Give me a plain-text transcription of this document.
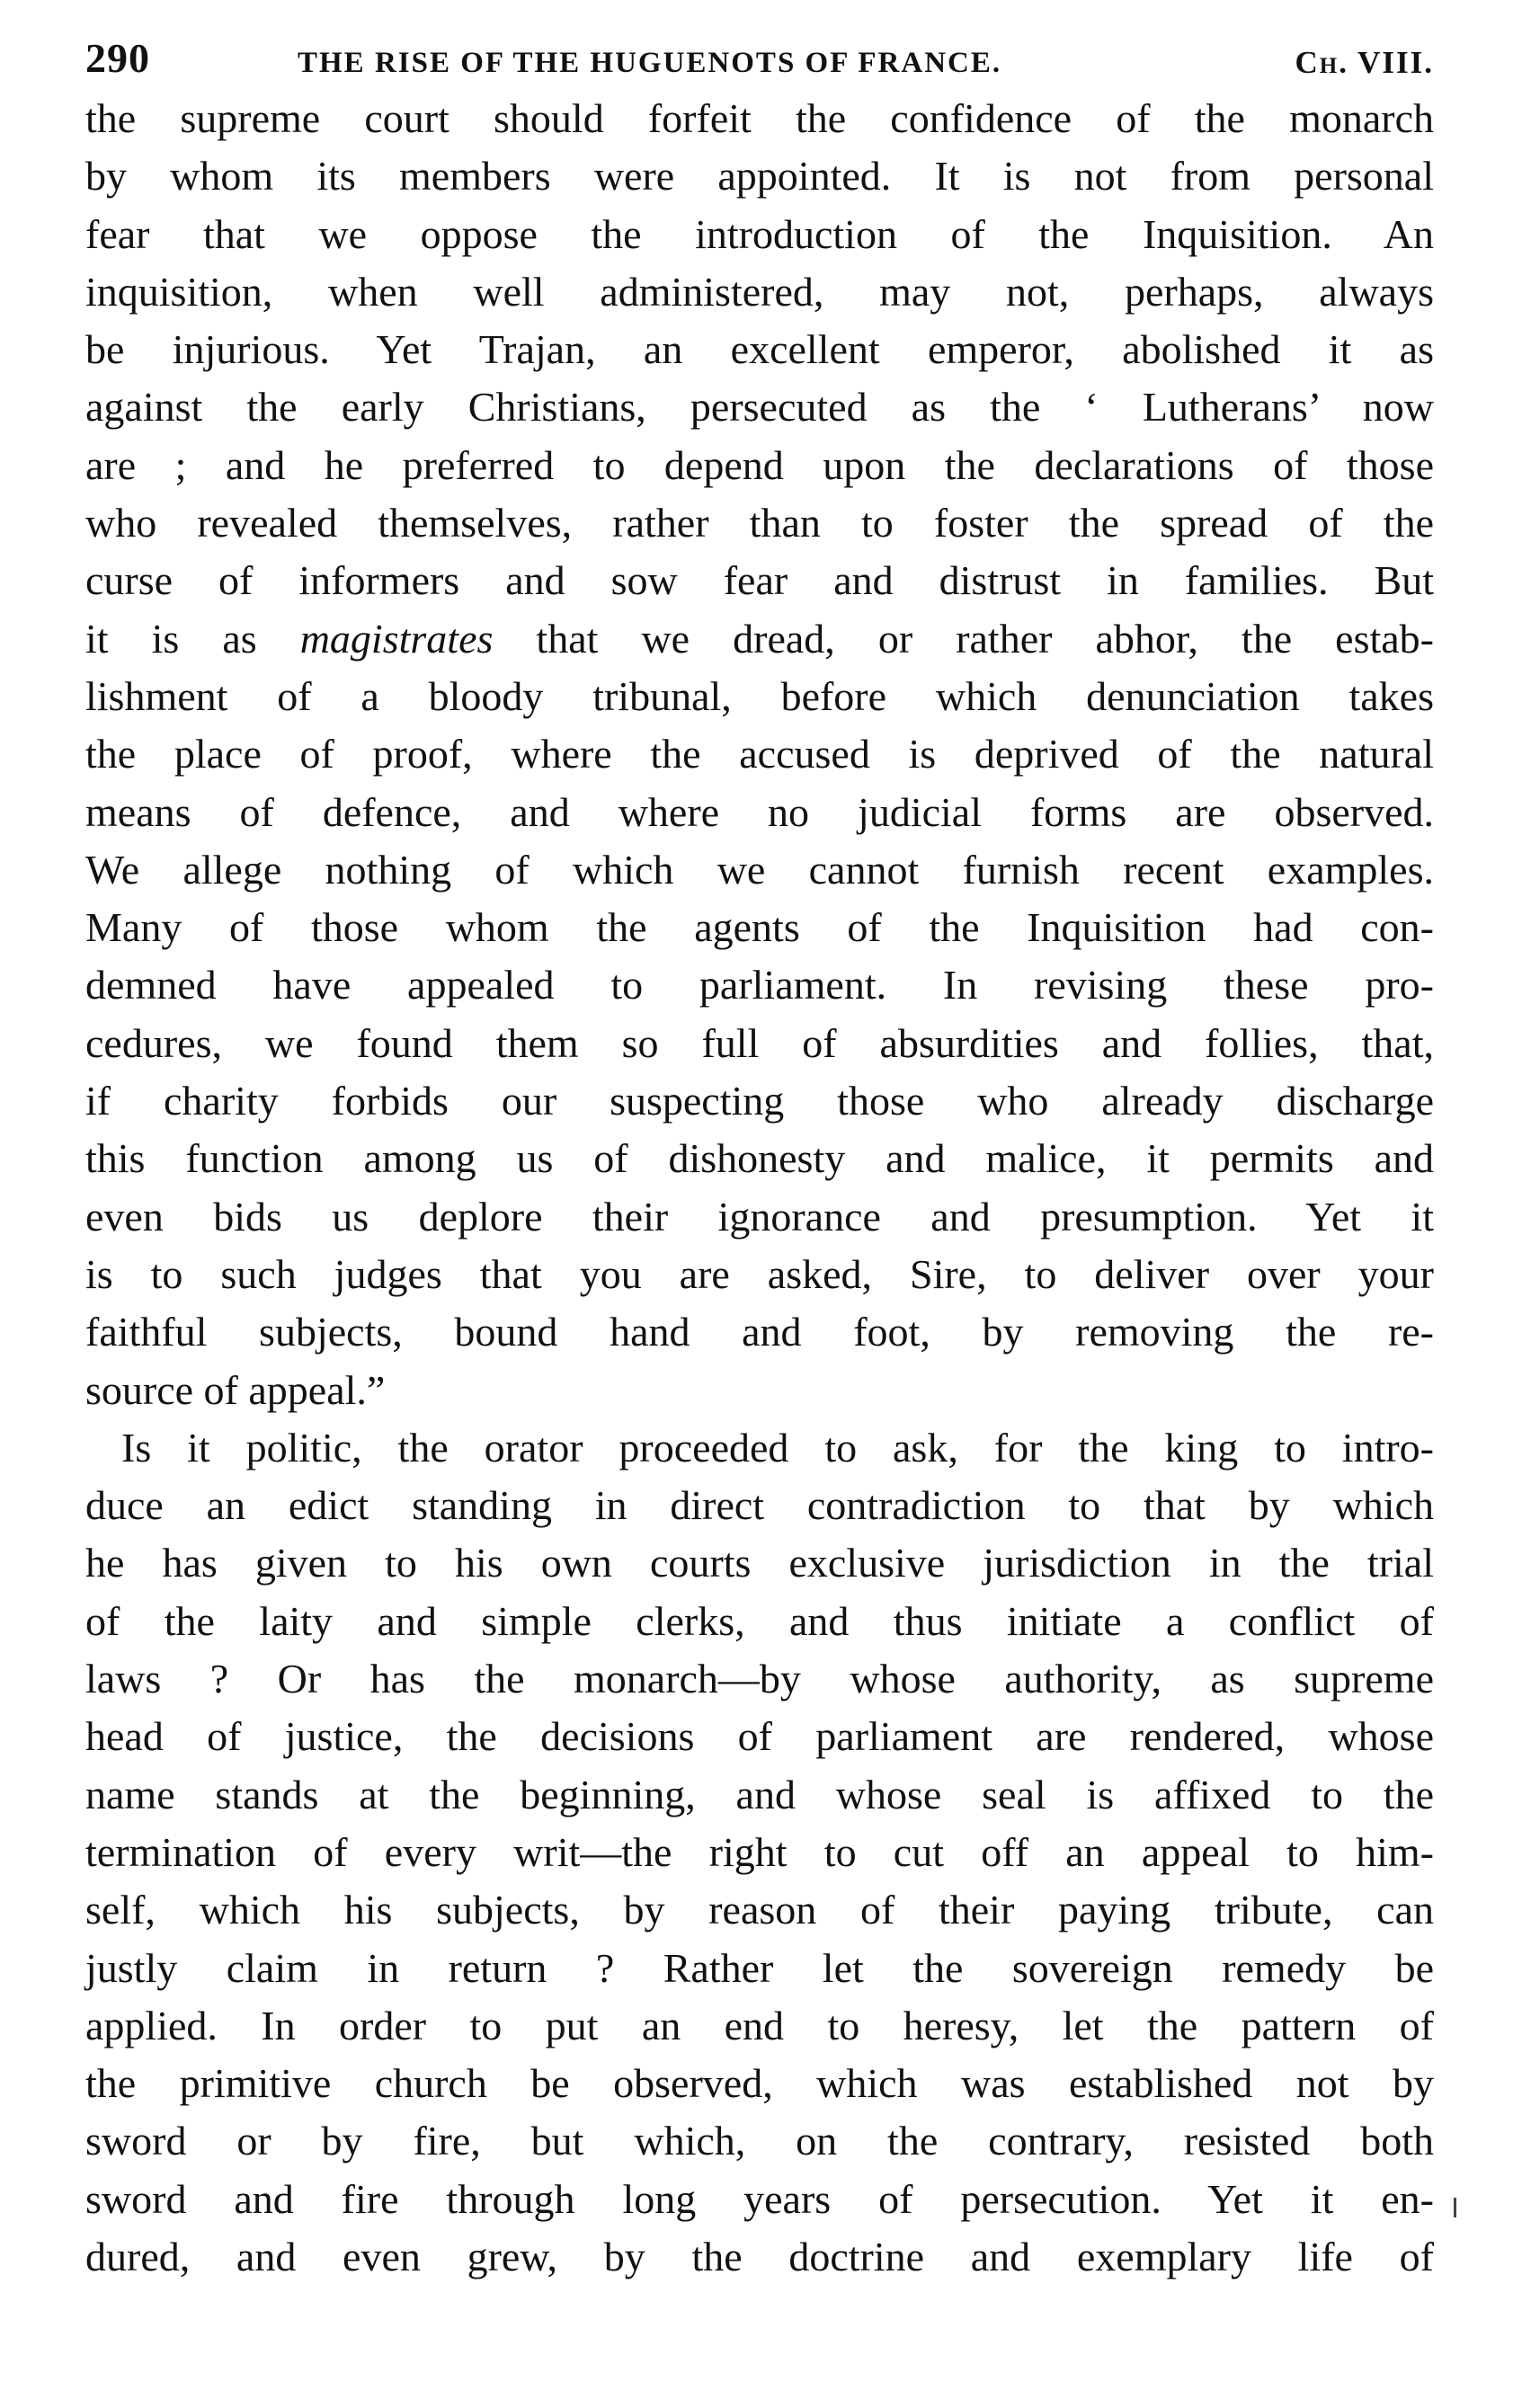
290	THE RISE OF THE HUGUENOTS OF FRANCE.	Ch. VIII.
the supreme court should forfeit the confidence of the monarch
by whom its members were appointed. It is not from personal
fear that we oppose the introduction of the Inquisition. An
inquisition, when well administered, may not, perhaps, always
be injurious. Yet Trajan, an excellent emperor, abolished it as
against the early Christians, persecuted as the ‘ Lutherans’ now
are ; and he preferred to depend upon the declarations of those
who revealed themselves, rather than to foster the spread of the
curse of informers and sow fear and distrust in families. But
it is as magistrates that we dread, or rather abhor, the estab-
lishment of a bloody tribunal, before which denunciation takes
the place of proof, where the accused is deprived of the natural
means of defence, and where no judicial forms are observed.
We allege nothing of which we cannot furnish recent examples.
Many of those whom the agents of the Inquisition had con-
demned have appealed to parliament. In revising these pro-
cedures, we found them so full of absurdities and follies, that,
if charity forbids our suspecting those who already discharge
this function among us of dishonesty and malice, it permits and
even bids us deplore their ignorance and presumption. Yet it
is to such judges that you are asked, Sire, to deliver over your
faithful subjects, bound hand and foot, by removing the re-
source of appeal.”
Is it politic, the orator proceeded to ask, for the king to intro-
duce an edict standing in direct contradiction to that by which
he has given to his own courts exclusive jurisdiction in the trial
of the laity and simple clerks, and thus initiate a conflict of
laws ? Or has the monarch—by whose authority, as supreme
head of justice, the decisions of parliament are rendered, whose
name stands at the beginning, and whose seal is affixed to the
termination of every writ—the right to cut off an appeal to him-
self, which his subjects, by reason of their paying tribute, can
justly claim in return ? Rather let the sovereign remedy be
applied. In order to put an end to heresy, let the pattern of
the primitive church be observed, which was established not by
sword or by fire, but which, on the contrary, resisted both
sword and fire through long years of persecution. Yet it en-
dured, and even grew, by the doctrine and exemplary life of
